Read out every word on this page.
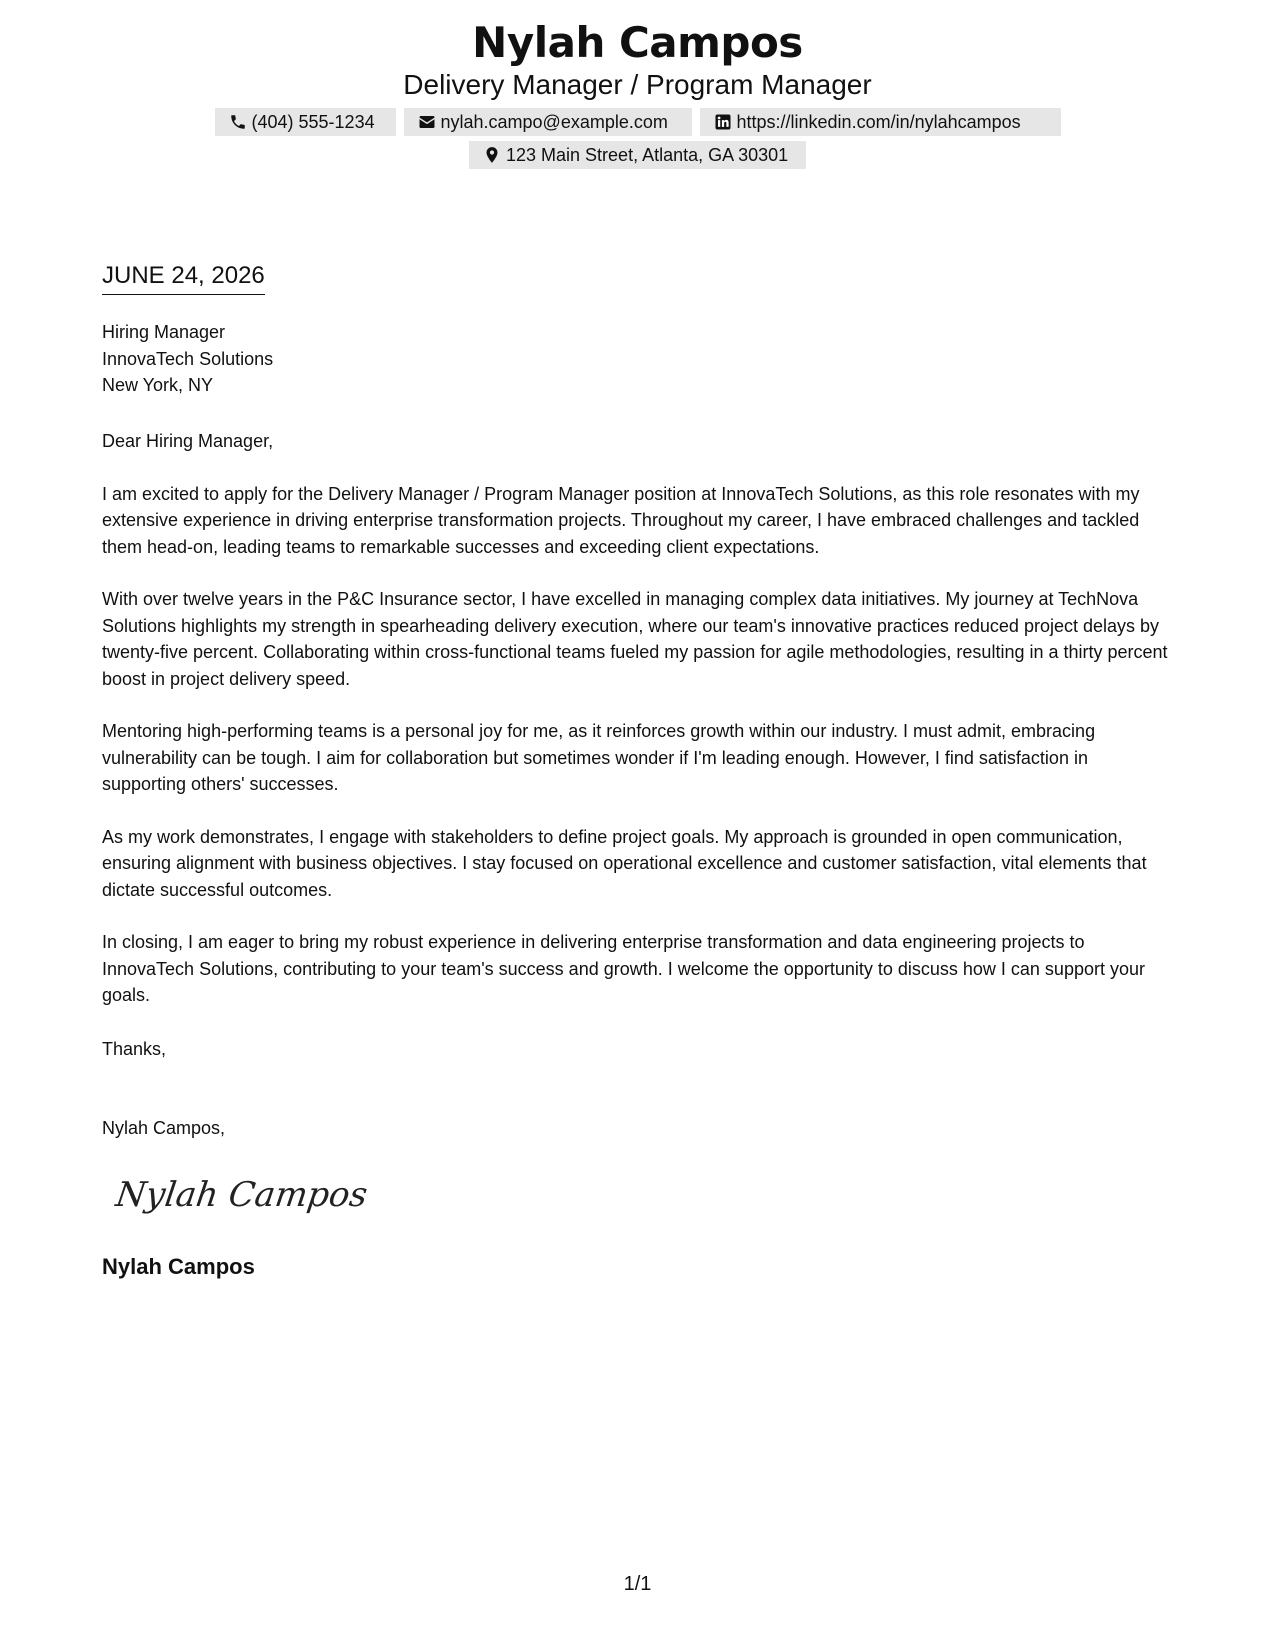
Nylah Campos
Delivery Manager / Program Manager
(404) 555-1234	nylah.campo@example.com	https://linkedin.com/in/nylahcampos
123 Main Street, Atlanta, GA 30301
JUNE 24, 2026
Hiring Manager
InnovaTech Solutions
New York, NY

Dear Hiring Manager,

I am excited to apply for the Delivery Manager / Program Manager position at InnovaTech Solutions, as this role resonates with my extensive experience in driving enterprise transformation projects. Throughout my career, I have embraced challenges and tackled them head-on, leading teams to remarkable successes and exceeding client expectations.

With over twelve years in the P&C Insurance sector, I have excelled in managing complex data initiatives. My journey at TechNova Solutions highlights my strength in spearheading delivery execution, where our team's innovative practices reduced project delays by twenty-five percent. Collaborating within cross-functional teams fueled my passion for agile methodologies, resulting in a thirty percent boost in project delivery speed.

Mentoring high-performing teams is a personal joy for me, as it reinforces growth within our industry. I must admit, embracing vulnerability can be tough. I aim for collaboration but sometimes wonder if I'm leading enough. However, I find satisfaction in supporting others' successes.

As my work demonstrates, I engage with stakeholders to define project goals. My approach is grounded in open communication, ensuring alignment with business objectives. I stay focused on operational excellence and customer satisfaction, vital elements that dictate successful outcomes.

In closing, I am eager to bring my robust experience in delivering enterprise transformation and data engineering projects to InnovaTech Solutions, contributing to your team's success and growth. I welcome the opportunity to discuss how I can support your goals.

Thanks,
Nylah Campos,
Nylah Campos
Nylah Campos
1/1
